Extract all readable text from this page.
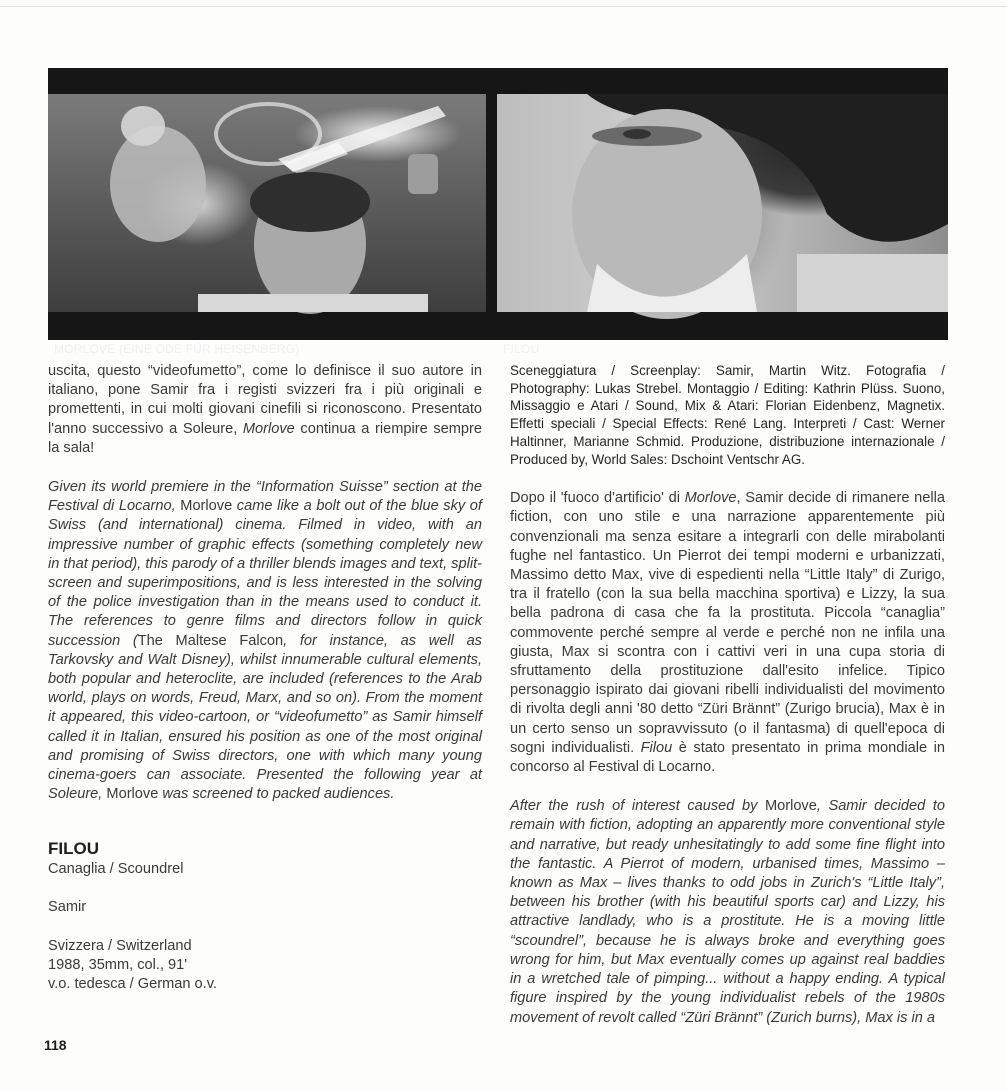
MORLOVE (EINE ODE FÜR HEISENBERG)	FILOU

uscita, questo “videofumetto”, come lo definisce il suo autore in italiano, pone Samir fra i registi svizzeri fra i più originali e promettenti, in cui molti giovani cinefili si riconoscono. Presentato l'anno successivo a Soleure, Morlove continua a riempire sempre la sala!

Given its world premiere in the “Information Suisse” section at the Festival di Locarno, Morlove came like a bolt out of the blue sky of Swiss (and international) cinema. Filmed in video, with an impressive number of graphic effects (something completely new in that period), this parody of a thriller blends images and text, split-screen and superimpositions, and is less interested in the solving of the police investigation than in the means used to conduct it. The references to genre films and directors follow in quick succession (The Maltese Falcon, for instance, as well as Tarkovsky and Walt Disney), whilst innumerable cultural elements, both popular and heteroclite, are included (references to the Arab world, plays on words, Freud, Marx, and so on). From the moment it appeared, this video-cartoon, or “videofumetto” as Samir himself called it in Italian, ensured his position as one of the most original and promising of Swiss directors, one with which many young cinema-goers can associate. Presented the following year at Soleure, Morlove was screened to packed audiences.

FILOU
Canaglia / Scoundrel
Samir
Svizzera / Switzerland
1988, 35mm, col., 91'
v.o. tedesca / German o.v.

Sceneggiatura / Screenplay: Samir, Martin Witz. Fotografia / Photography: Lukas Strebel. Montaggio / Editing: Kathrin Plüss. Suono, Missaggio e Atari / Sound, Mix & Atari: Florian Eidenbenz, Magnetix. Effetti speciali / Special Effects: René Lang. Interpreti / Cast: Werner Haltinner, Marianne Schmid. Produzione, distribuzione internazionale / Produced by, World Sales: Dschoint Ventschr AG.

Dopo il 'fuoco d'artificio' di Morlove, Samir decide di rimanere nella fiction, con uno stile e una narrazione apparentemente più convenzionali ma senza esitare a integrarli con delle mirabolanti fughe nel fantastico. Un Pierrot dei tempi moderni e urbanizzati, Massimo detto Max, vive di espedienti nella “Little Italy” di Zurigo, tra il fratello (con la sua bella macchina sportiva) e Lizzy, la sua bella padrona di casa che fa la prostituta. Piccola “canaglia” commovente perché sempre al verde e perché non ne infila una giusta, Max si scontra con i cattivi veri in una cupa storia di sfruttamento della prostituzione dall'esito infelice. Tipico personaggio ispirato dai giovani ribelli individualisti del movimento di rivolta degli anni '80 detto “Züri Brännt” (Zurigo brucia), Max è in un certo senso un sopravvissuto (o il fantasma) di quell'epoca di sogni individualisti. Filou è stato presentato in prima mondiale in concorso al Festival di Locarno.

After the rush of interest caused by Morlove, Samir decided to remain with fiction, adopting an apparently more conventional style and narrative, but ready unhesitatingly to add some fine flight into the fantastic. A Pierrot of modern, urbanised times, Massimo – known as Max – lives thanks to odd jobs in Zurich's “Little Italy”, between his brother (with his beautiful sports car) and Lizzy, his attractive landlady, who is a prostitute. He is a moving little “scoundrel”, because he is always broke and everything goes wrong for him, but Max eventually comes up against real baddies in a wretched tale of pimping... without a happy ending. A typical figure inspired by the young individualist rebels of the 1980s movement of revolt called “Züri Brännt” (Zurich burns), Max is in a

118
